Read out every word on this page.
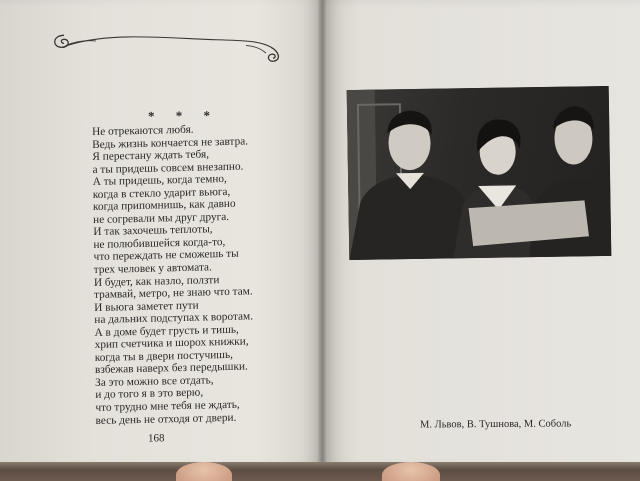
* * *
Не отрекаются любя.
Ведь жизнь кончается не завтра.
Я перестану ждать тебя,
а ты придешь совсем внезапно.
А ты придешь, когда темно,
когда в стекло ударит вьюга,
когда припомнишь, как давно
не согревали мы друг друга.
И так захочешь теплоты,
не полюбившейся когда-то,
что переждать не сможешь ты
трех человек у автомата.
И будет, как назло, ползти
трамвай, метро, не знаю что там.
И вьюга заметет пути
на дальних подступах к воротам.
А в доме будет грусть и тишь,
хрип счетчика и шорох книжки,
когда ты в двери постучишь,
взбежав наверх без передышки.
За это можно все отдать,
и до того я в это верю,
что трудно мне тебя не ждать,
весь день не отходя от двери.
168
М. Львов, В. Тушнова, М. Соболь
